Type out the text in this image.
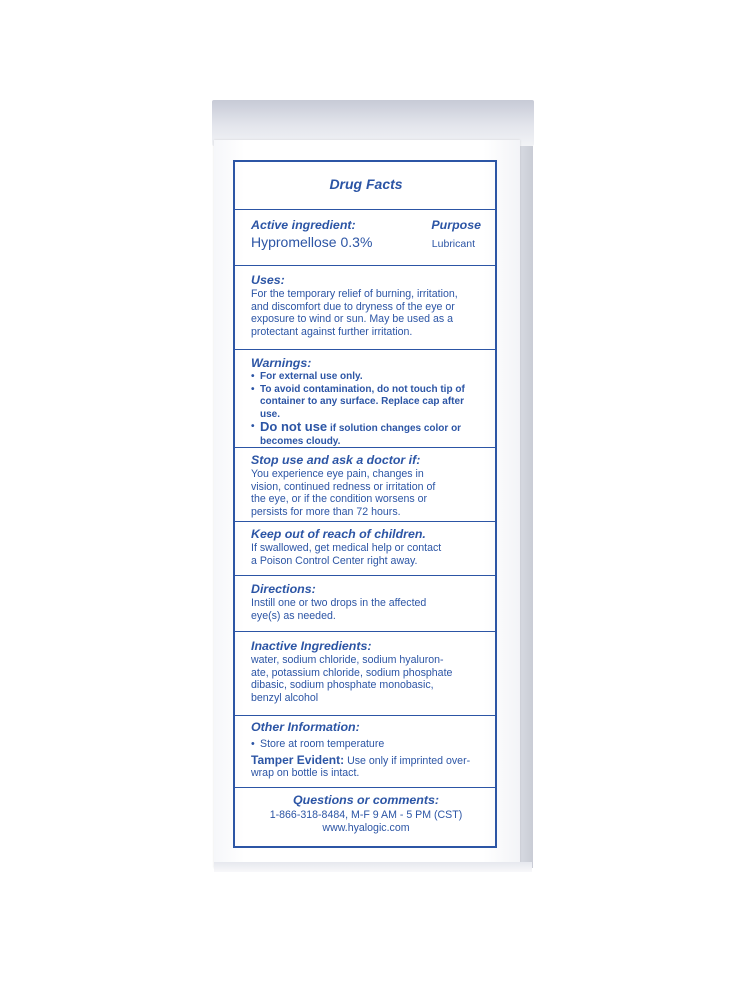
Drug Facts
Active ingredient:	Purpose
Hypromellose 0.3%	Lubricant
Uses:
For the temporary relief of burning, irritation,
and discomfort due to dryness of the eye or
exposure to wind or sun. May be used as a
protectant against further irritation.
Warnings:
• For external use only.
• To avoid contamination, do not touch tip of
container to any surface. Replace cap after
use.
• Do not use if solution changes color or
becomes cloudy.
Stop use and ask a doctor if:
You experience eye pain, changes in
vision, continued redness or irritation of
the eye, or if the condition worsens or
persists for more than 72 hours.
Keep out of reach of children.
If swallowed, get medical help or contact
a Poison Control Center right away.
Directions:
Instill one or two drops in the affected
eye(s) as needed.
Inactive Ingredients:
water, sodium chloride, sodium hyaluron-
ate, potassium chloride, sodium phosphate
dibasic, sodium phosphate monobasic,
benzyl alcohol
Other Information:
• Store at room temperature
Tamper Evident: Use only if imprinted over-
wrap on bottle is intact.
Questions or comments:
1-866-318-8484, M-F 9 AM - 5 PM (CST)
www.hyalogic.com
